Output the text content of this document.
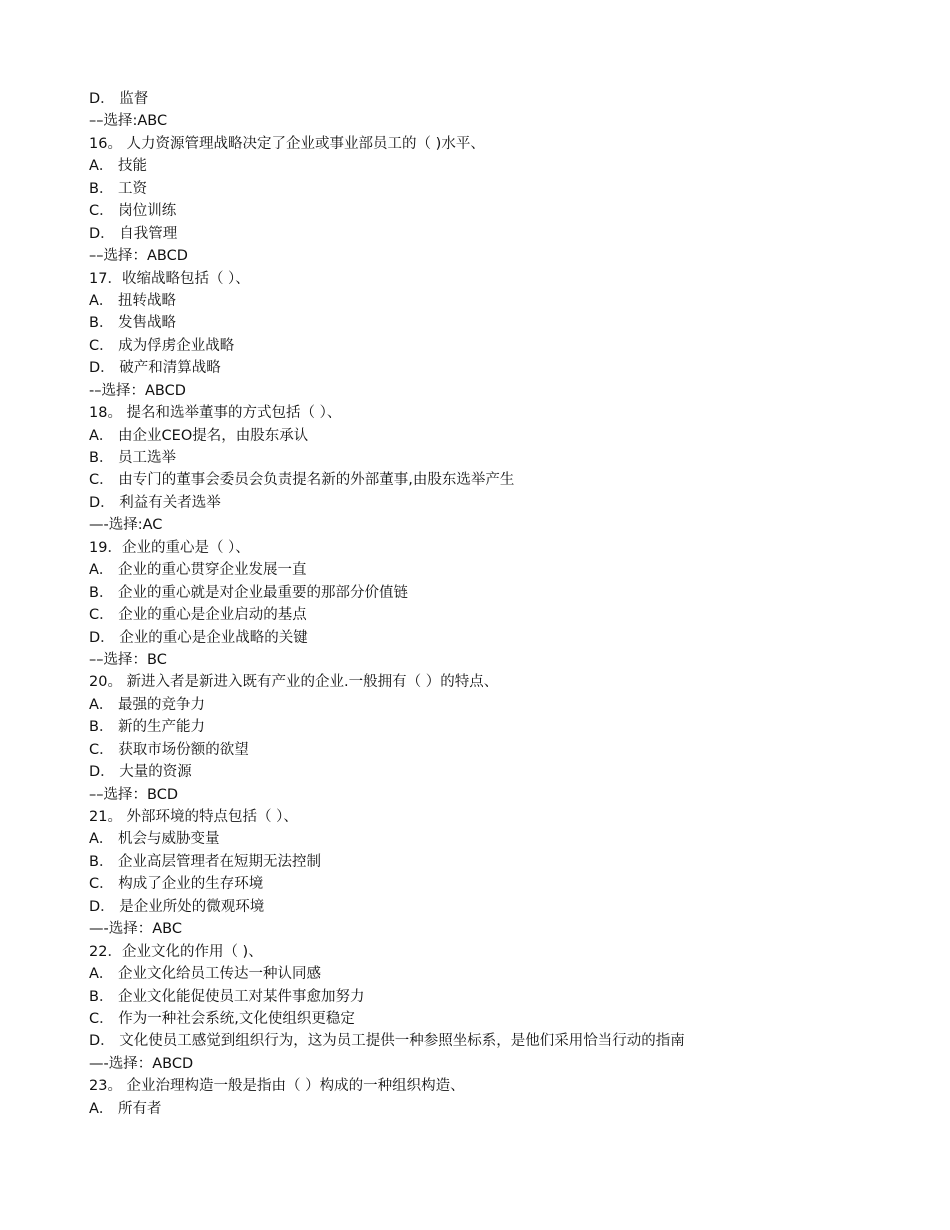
D． 监督
––选择:ABC
16。 人力资源管理战略决定了企业或事业部员工的（ )水平、
A． 技能
B． 工资
C． 岗位训练
D． 自我管理
––选择：ABCD
17．收缩战略包括（ ）、
A． 扭转战略
B． 发售战略
C． 成为俘虏企业战略
D． 破产和清算战略
-–选择：ABCD
18。 提名和选举董事的方式包括（ ）、
A． 由企业CEO提名，由股东承认
B． 员工选举
C． 由专门的董事会委员会负责提名新的外部董事,由股东选举产生
D． 利益有关者选举
—-选择:AC
19．企业的重心是（ ）、
A． 企业的重心贯穿企业发展一直
B． 企业的重心就是对企业最重要的那部分价值链
C． 企业的重心是企业启动的基点
D． 企业的重心是企业战略的关键
––选择：BC
20。 新进入者是新进入既有产业的企业.一般拥有（ ）的特点、
A． 最强的竞争力
B． 新的生产能力
C． 获取市场份额的欲望
D． 大量的资源
––选择：BCD
21。 外部环境的特点包括（ ）、
A． 机会与威胁变量
B． 企业高层管理者在短期无法控制
C． 构成了企业的生存环境
D． 是企业所处的微观环境
—-选择：ABC
22．企业文化的作用（ )、
A． 企业文化给员工传达一种认同感
B． 企业文化能促使员工对某件事愈加努力
C． 作为一种社会系统,文化使组织更稳定
D． 文化使员工感觉到组织行为，这为员工提供一种参照坐标系，是他们采用恰当行动的指南
—-选择：ABCD
23。 企业治理构造一般是指由（ ）构成的一种组织构造、
A． 所有者
